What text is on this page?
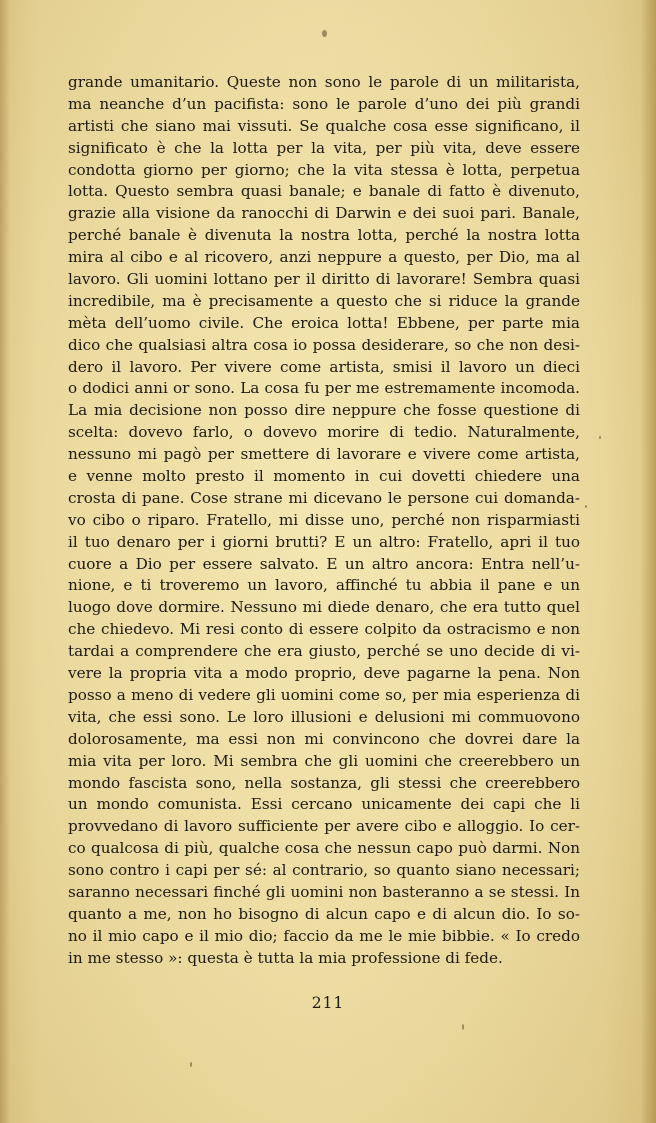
grande umanitario. Queste non sono le parole di un militarista,
ma neanche d’un pacifista: sono le parole d’uno dei più grandi
artisti che siano mai vissuti. Se qualche cosa esse significano, il
significato è che la lotta per la vita, per più vita, deve essere
condotta giorno per giorno; che la vita stessa è lotta, perpetua
lotta. Questo sembra quasi banale; e banale di fatto è divenuto,
grazie alla visione da ranocchi di Darwin e dei suoi pari. Banale,
perché banale è divenuta la nostra lotta, perché la nostra lotta
mira al cibo e al ricovero, anzi neppure a questo, per Dio, ma al
lavoro. Gli uomini lottano per il diritto di lavorare! Sembra quasi
incredibile, ma è precisamente a questo che si riduce la grande
mèta dell’uomo civile. Che eroica lotta! Ebbene, per parte mia
dico che qualsiasi altra cosa io possa desiderare, so che non desi-
dero il lavoro. Per vivere come artista, smisi il lavoro un dieci
o dodici anni or sono. La cosa fu per me estremamente incomoda.
La mia decisione non posso dire neppure che fosse questione di
scelta: dovevo farlo, o dovevo morire di tedio. Naturalmente,
nessuno mi pagò per smettere di lavorare e vivere come artista,
e venne molto presto il momento in cui dovetti chiedere una
crosta di pane. Cose strane mi dicevano le persone cui domanda-
vo cibo o riparo. Fratello, mi disse uno, perché non risparmiasti
il tuo denaro per i giorni brutti? E un altro: Fratello, apri il tuo
cuore a Dio per essere salvato. E un altro ancora: Entra nell’u-
nione, e ti troveremo un lavoro, affinché tu abbia il pane e un
luogo dove dormire. Nessuno mi diede denaro, che era tutto quel
che chiedevo. Mi resi conto di essere colpito da ostracismo e non
tardai a comprendere che era giusto, perché se uno decide di vi-
vere la propria vita a modo proprio, deve pagarne la pena. Non
posso a meno di vedere gli uomini come so, per mia esperienza di
vita, che essi sono. Le loro illusioni e delusioni mi commuovono
dolorosamente, ma essi non mi convincono che dovrei dare la
mia vita per loro. Mi sembra che gli uomini che creerebbero un
mondo fascista sono, nella sostanza, gli stessi che creerebbero
un mondo comunista. Essi cercano unicamente dei capi che li
provvedano di lavoro sufficiente per avere cibo e alloggio. Io cer-
co qualcosa di più, qualche cosa che nessun capo può darmi. Non
sono contro i capi per sé: al contrario, so quanto siano necessari;
saranno necessari finché gli uomini non basteranno a se stessi. In
quanto a me, non ho bisogno di alcun capo e di alcun dio. Io so-
no il mio capo e il mio dio; faccio da me le mie bibbie. « Io credo
in me stesso »: questa è tutta la mia professione di fede.
211
